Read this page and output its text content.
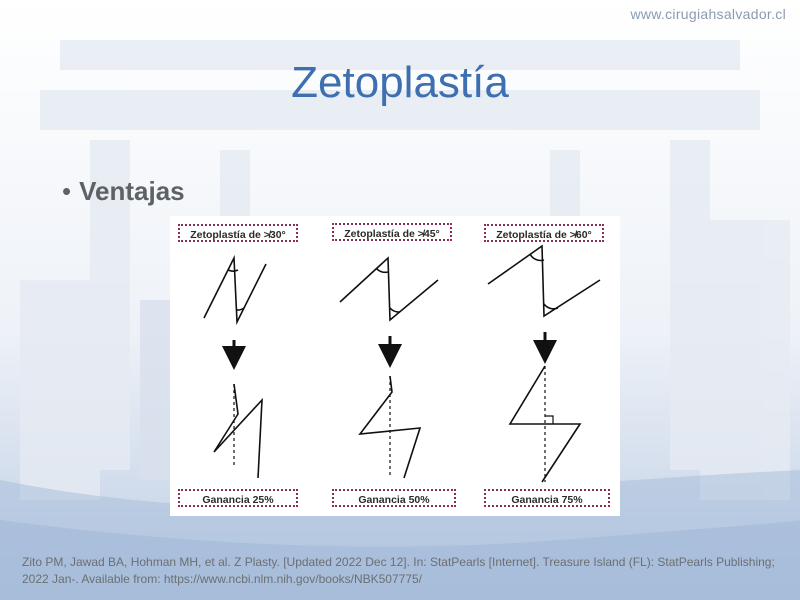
www.cirugiahsalvador.cl
Zetoplastía
• Ventajas
Zetoplastía de ≯30°	Zetoplastía de ≯45°	Zetoplastía de ≯60°
Ganancia 25%	Ganancia 50%	Ganancia 75%
Zito PM, Jawad BA, Hohman MH, et al. Z Plasty. [Updated 2022 Dec 12]. In: StatPearls [Internet]. Treasure Island (FL): StatPearls Publishing; 2022 Jan-. Available from: https://www.ncbi.nlm.nih.gov/books/NBK507775/
